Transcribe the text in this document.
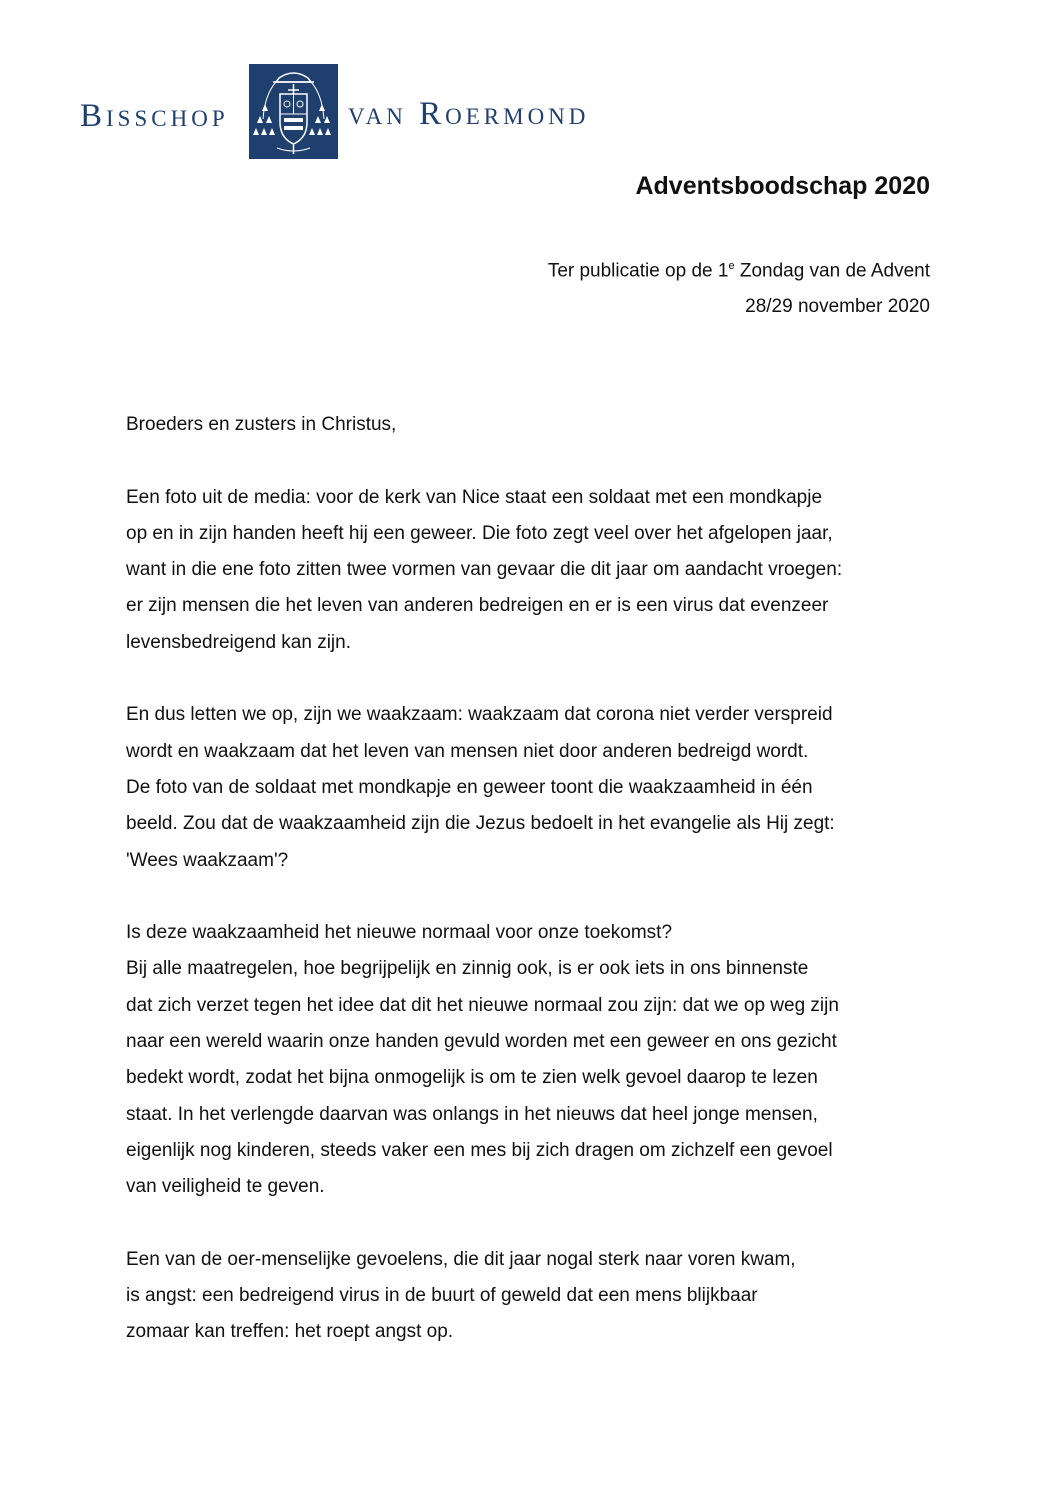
Bisschop	van Roermond
Adventsboodschap 2020
Ter publicatie op de 1e Zondag van de Advent
28/29 november 2020
Broeders en zusters in Christus,
Een foto uit de media: voor de kerk van Nice staat een soldaat met een mondkapje
op en in zijn handen heeft hij een geweer. Die foto zegt veel over het afgelopen jaar,
want in die ene foto zitten twee vormen van gevaar die dit jaar om aandacht vroegen:
er zijn mensen die het leven van anderen bedreigen en er is een virus dat evenzeer
levensbedreigend kan zijn.
En dus letten we op, zijn we waakzaam: waakzaam dat corona niet verder verspreid
wordt en waakzaam dat het leven van mensen niet door anderen bedreigd wordt.
De foto van de soldaat met mondkapje en geweer toont die waakzaamheid in één
beeld. Zou dat de waakzaamheid zijn die Jezus bedoelt in het evangelie als Hij zegt:
'Wees waakzaam'?
Is deze waakzaamheid het nieuwe normaal voor onze toekomst?
Bij alle maatregelen, hoe begrijpelijk en zinnig ook, is er ook iets in ons binnenste
dat zich verzet tegen het idee dat dit het nieuwe normaal zou zijn: dat we op weg zijn
naar een wereld waarin onze handen gevuld worden met een geweer en ons gezicht
bedekt wordt, zodat het bijna onmogelijk is om te zien welk gevoel daarop te lezen
staat. In het verlengde daarvan was onlangs in het nieuws dat heel jonge mensen,
eigenlijk nog kinderen, steeds vaker een mes bij zich dragen om zichzelf een gevoel
van veiligheid te geven.
Een van de oer-menselijke gevoelens, die dit jaar nogal sterk naar voren kwam,
is angst: een bedreigend virus in de buurt of geweld dat een mens blijkbaar
zomaar kan treffen: het roept angst op.
